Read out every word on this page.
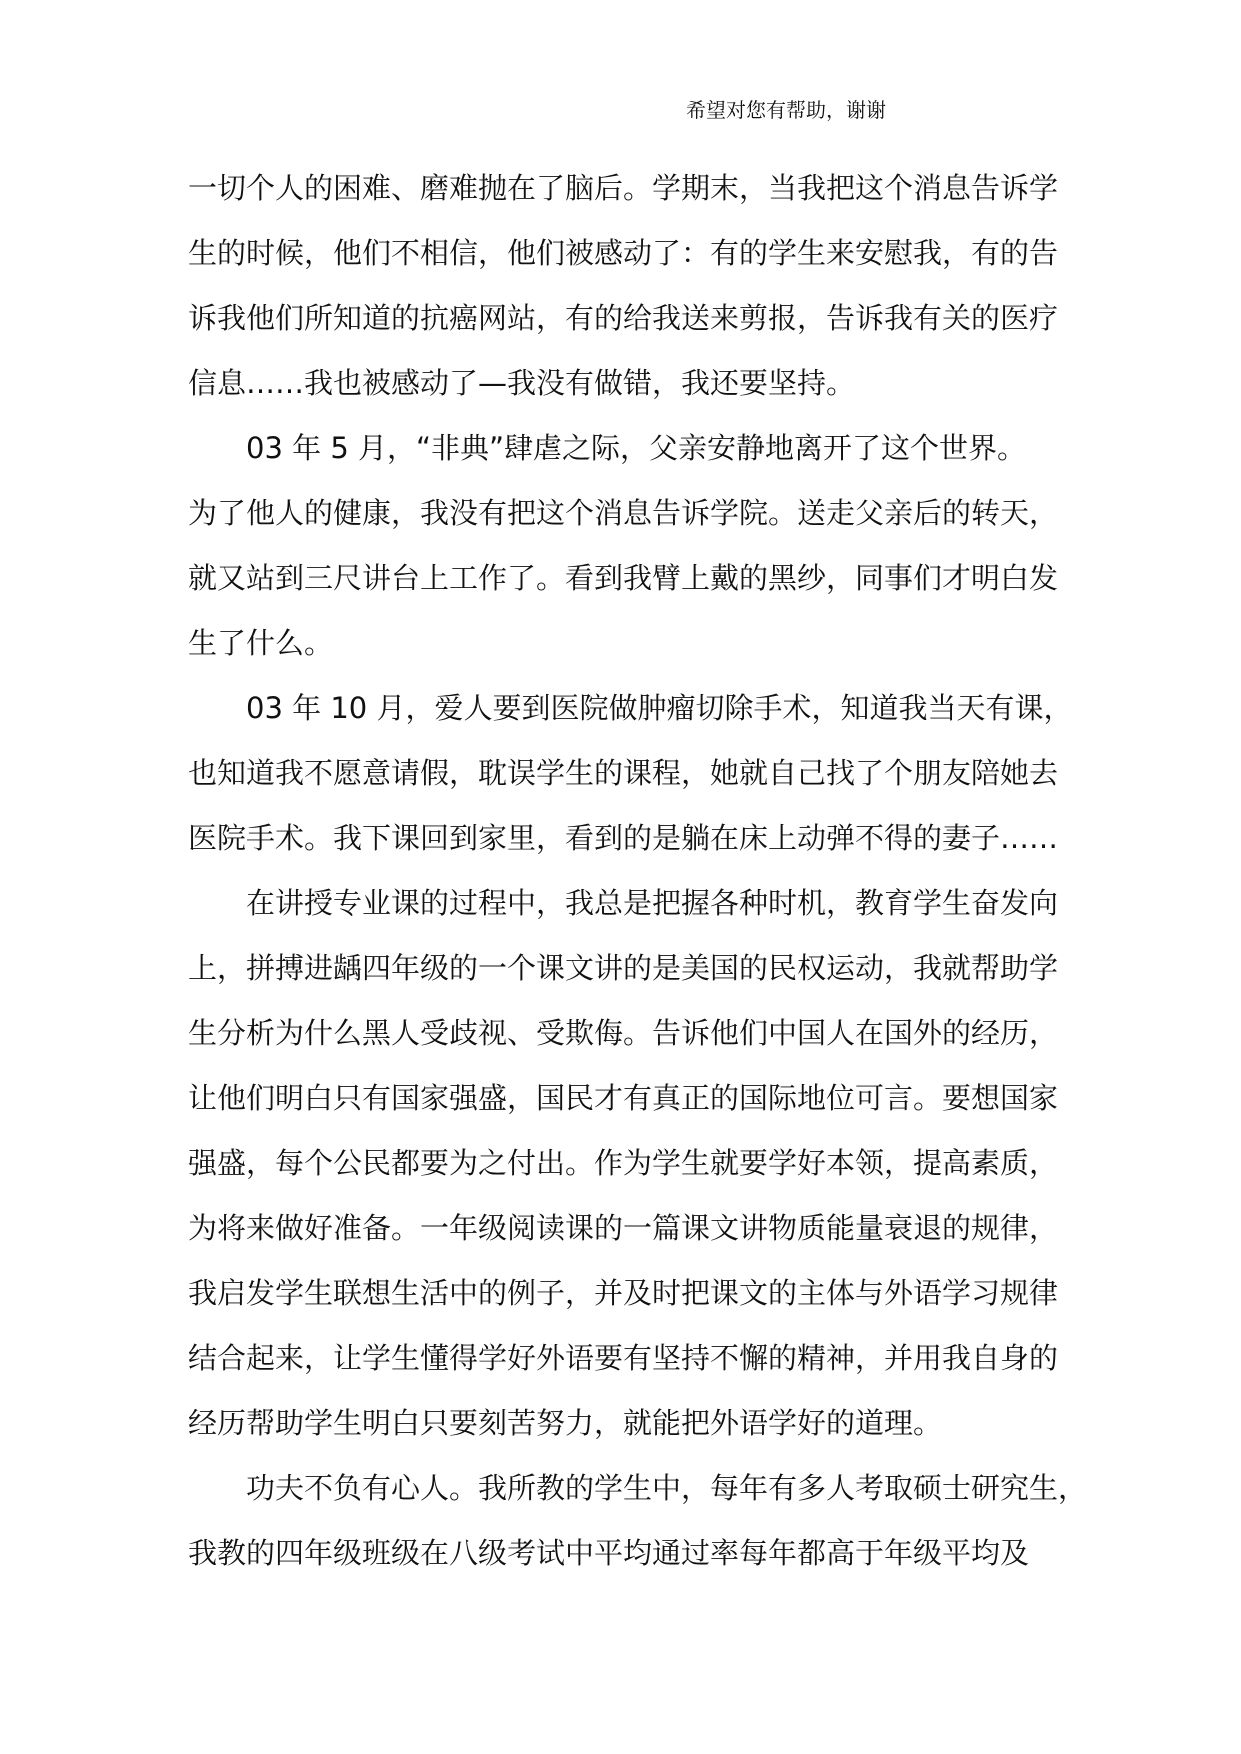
希望对您有帮助，谢谢
一切个人的困难、磨难抛在了脑后。学期末，当我把这个消息告诉学
生的时候，他们不相信，他们被感动了：有的学生来安慰我，有的告
诉我他们所知道的抗癌网站，有的给我送来剪报，告诉我有关的医疗
信息……我也被感动了—我没有做错，我还要坚持。
03 年 5 月，“非典”肆虐之际，父亲安静地离开了这个世界。
为了他人的健康，我没有把这个消息告诉学院。送走父亲后的转天，
就又站到三尺讲台上工作了。看到我臂上戴的黑纱，同事们才明白发
生了什么。
03 年 10 月，爱人要到医院做肿瘤切除手术，知道我当天有课，
也知道我不愿意请假，耽误学生的课程，她就自己找了个朋友陪她去
医院手术。我下课回到家里，看到的是躺在床上动弹不得的妻子……
在讲授专业课的过程中，我总是把握各种时机，教育学生奋发向
上，拼搏进龋四年级的一个课文讲的是美国的民权运动，我就帮助学
生分析为什么黑人受歧视、受欺侮。告诉他们中国人在国外的经历，
让他们明白只有国家强盛，国民才有真正的国际地位可言。要想国家
强盛，每个公民都要为之付出。作为学生就要学好本领，提高素质，
为将来做好准备。一年级阅读课的一篇课文讲物质能量衰退的规律，
我启发学生联想生活中的例子，并及时把课文的主体与外语学习规律
结合起来，让学生懂得学好外语要有坚持不懈的精神，并用我自身的
经历帮助学生明白只要刻苦努力，就能把外语学好的道理。
功夫不负有心人。我所教的学生中，每年有多人考取硕士研究生，
我教的四年级班级在八级考试中平均通过率每年都高于年级平均及
